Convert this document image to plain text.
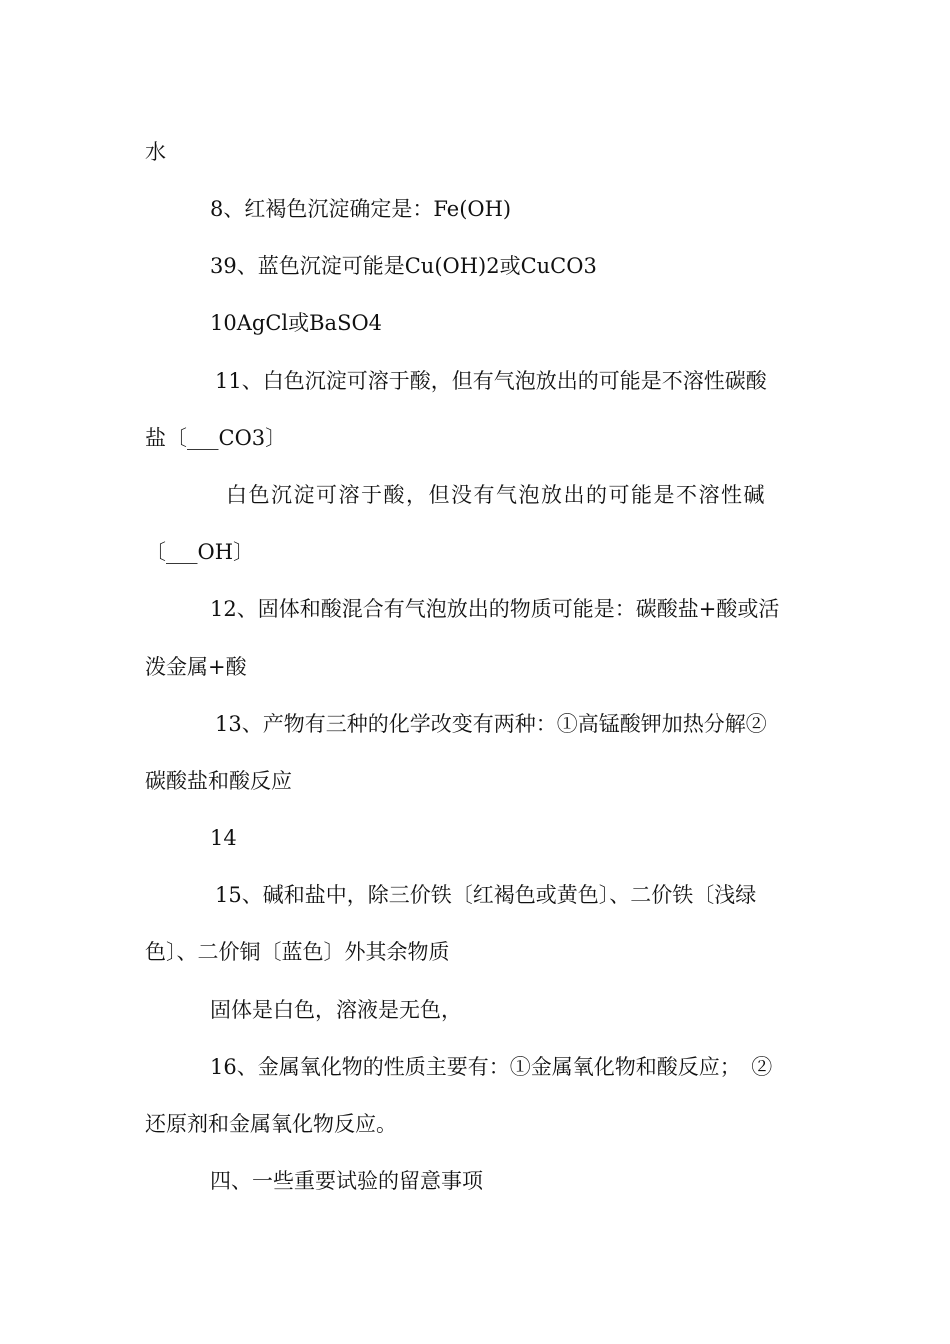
水

8、红褐色沉淀确定是：Fe(OH)

39、蓝色沉淀可能是Cu(OH)2或CuCO3

10AgCl或BaSO4

11、白色沉淀可溶于酸，但有气泡放出的可能是不溶性碳酸

盐〔___CO3〕

白色沉淀可溶于酸，但没有气泡放出的可能是不溶性碱

〔___OH〕

12、固体和酸混合有气泡放出的物质可能是：碳酸盐+酸或活

泼金属+酸

13、产物有三种的化学改变有两种：①高锰酸钾加热分解②

碳酸盐和酸反应

14

15、碱和盐中，除三价铁〔红褐色或黄色〕、二价铁〔浅绿

色〕、二价铜〔蓝色〕外其余物质

固体是白色，溶液是无色，

16、金属氧化物的性质主要有：①金属氧化物和酸反应；　②

还原剂和金属氧化物反应。

四、一些重要试验的留意事项
